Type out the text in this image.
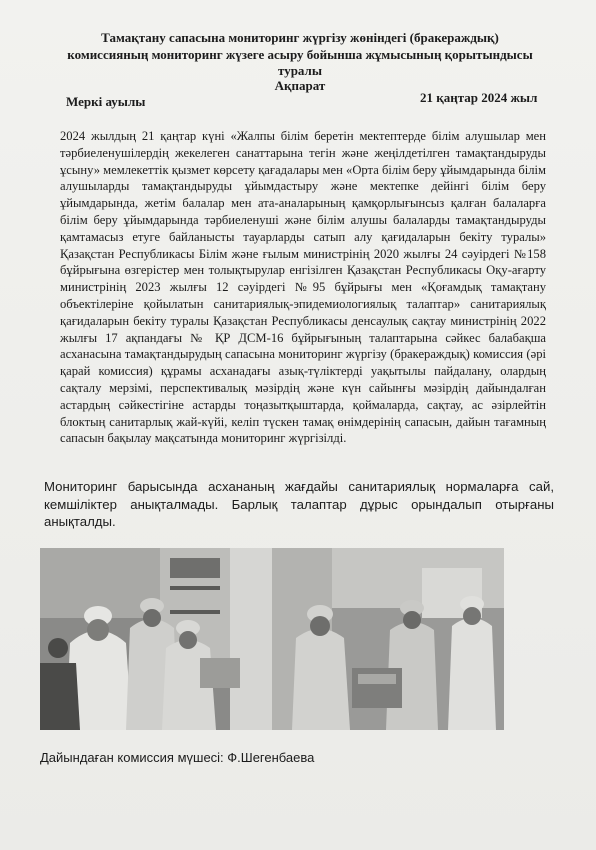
Тамақтану сапасына мониторинг жүргізу жөніндегі (бракераждық)
комиссияның мониторинг жүзеге асыру бойынша жұмысының қорытындысы
туралы
Ақпарат
Меркі ауылы	21 қаңтар 2024 жыл

2024 жылдың 21 қаңтар күні «Жалпы білім беретін мектептерде білім алушылар мен тәрбиеленушілердің жекелеген санаттарына тегін және жеңілдетілген тамақтандыруды ұсыну» мемлекеттік қызмет көрсету қағадалары мен «Орта білім беру ұйымдарында білім алушыларды тамақтандыруды ұйымдастыру және мектепке дейінгі білім беру ұйымдарында, жетім балалар мен ата-аналарының қамқорлығынсыз қалған балаларға білім беру ұйымдарында тәрбиеленуші және білім алушы балаларды тамақтандыруды қамтамасыз етуге байланысты тауарларды сатып алу қағидаларын бекіту туралы» Қазақстан Республикасы Білім және ғылым министрінің 2020 жылғы 24 сәуірдегі №158 бұйрығына өзгерістер мен толықтырулар енгізілген Қазақстан Республикасы Оқу-ағарту министрінің 2023 жылғы 12 сәуірдегі №95 бұйрығы мен «Қоғамдық тамақтану объектілеріне қойылатын санитариялық-эпидемиологиялық талаптар» санитариялық қағидаларын бекіту туралы Қазақстан Республикасы денсаулық сақтау министрінің 2022 жылғы 17 ақпандағы № ҚР ДСМ-16 бұйрығының талаптарына сәйкес балабақша асханасына тамақтандырудың сапасына мониторинг жүргізу (бракераждық) комиссия (әрі қарай комиссия) құрамы асханадағы азық-түліктерді уақытылы пайдалану, олардың сақталу мерзімі, перспективалық мәзірдің және күн сайынғы мәзірдің дайындалған астардың сәйкестігіне астарды тоңазытқыштарда, қоймаларда, сақтау, ас әзірлейтін блоктың санитарлық жай-күйі, келіп түскен тамақ өнімдерінің сапасын, дайын тағамның сапасын бақылау мақсатында мониторинг жүргізілді.

Мониторинг барысында асхананың жағдайы санитариялық нормаларға сай, кемшіліктер анықталмады. Барлық талаптар дұрыс орындалып отырғаны анықталды.
Дайындаған комиссия мүшесі: Ф.Шегенбаева
